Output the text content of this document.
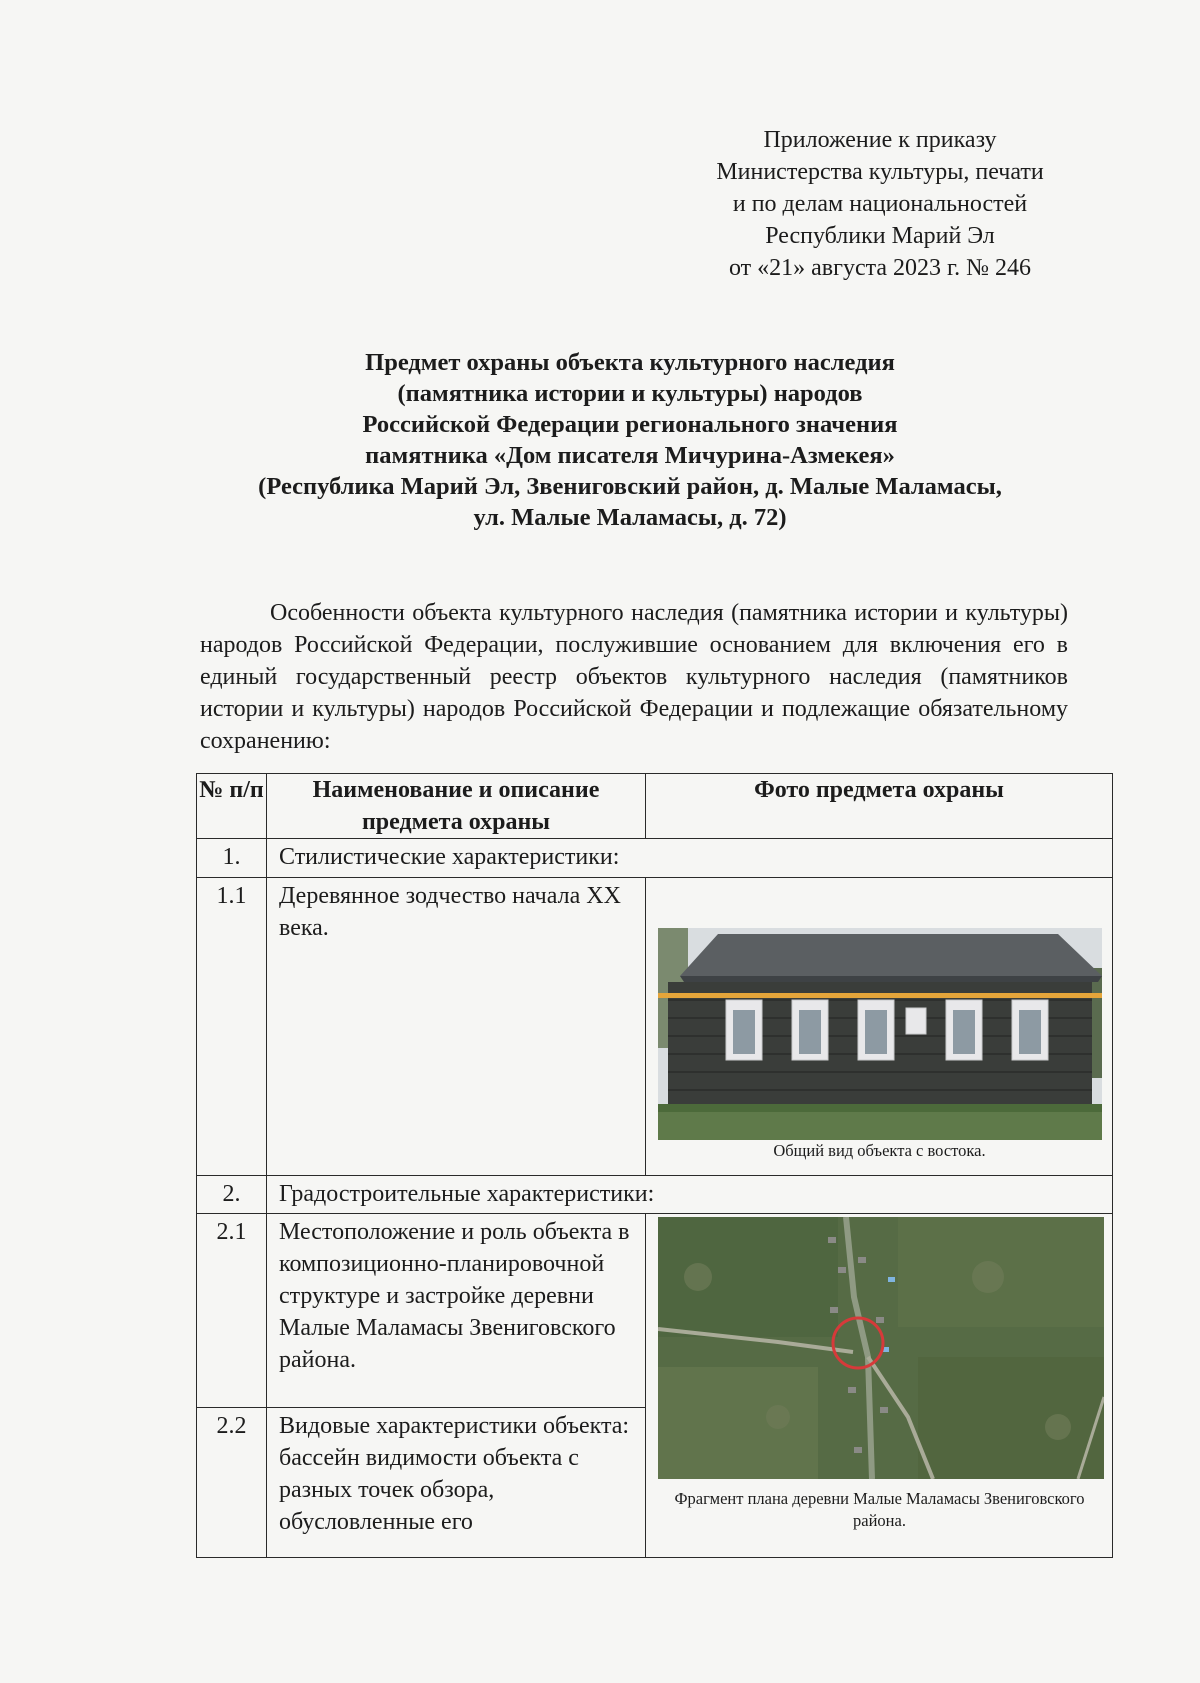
Приложение к приказу
Министерства культуры, печати
и по делам национальностей
Республики Марий Эл
от «21» августа 2023 г. № 246
Предмет охраны объекта культурного наследия
(памятника истории и культуры) народов
Российской Федерации регионального значения
памятника «Дом писателя Мичурина-Азмекея»
(Республика Марий Эл, Звениговский район, д. Малые Маламасы,
ул. Малые Маламасы, д. 72)
Особенности объекта культурного наследия (памятника истории и культуры) народов Российской Федерации, послужившие основанием для включения его в единый государственный реестр объектов культурного наследия (памятников истории и культуры) народов Российской Федерации и подлежащие обязательному сохранению:
№ п/п	Наименование и описание предмета охраны	Фото предмета охраны
1.	Стилистические характеристики:	
1.1	Деревянное зодчество начала XX века.	Общий вид объекта с востока.

2.	Градостроительные характеристики:	
2.1	Местоположение и роль объекта в композиционно-планировочной структуре и застройке деревни Малые Маламасы Звениговского района.	Фрагмент плана деревни Малые Маламасы Звениговского района.

2.2	Видовые характеристики объекта: бассейн видимости объекта с разных точек обзора, обусловленные его	
